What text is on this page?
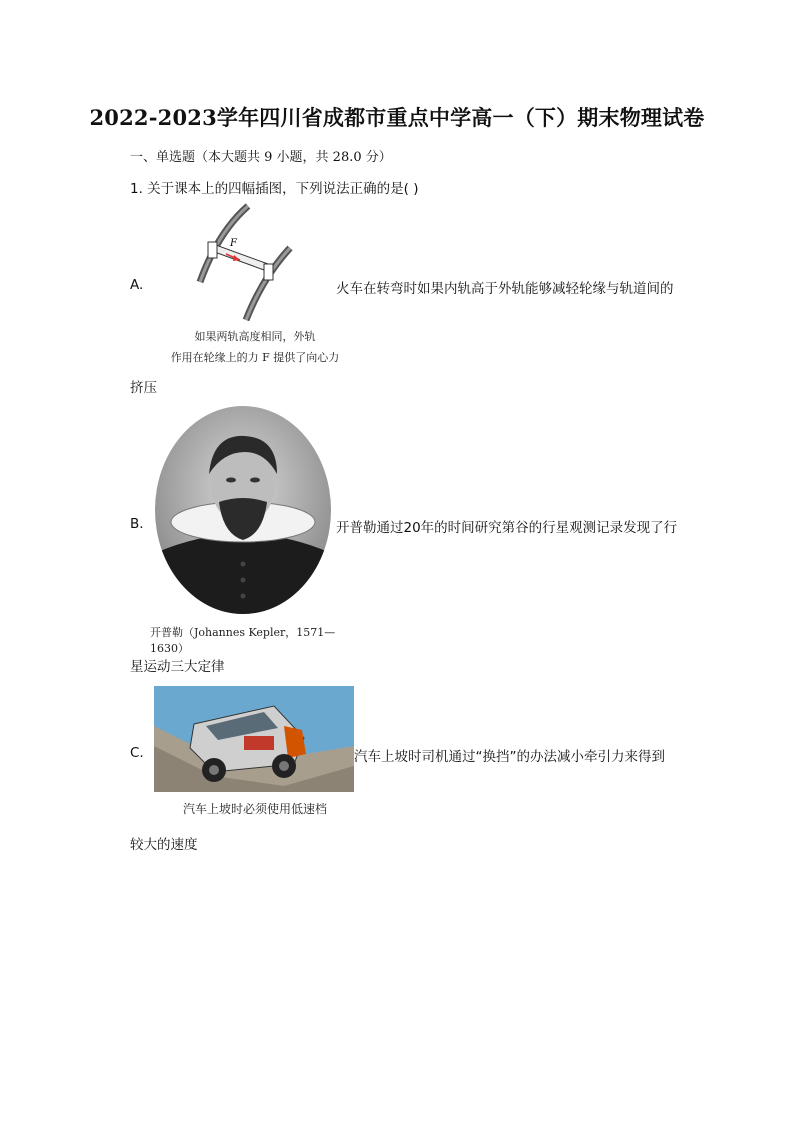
2022-2023学年四川省成都市重点中学高一（下）期末物理试卷
一、单选题（本大题共 9 小题，共 28.0 分）
1. 关于课本上的四幅插图，下列说法正确的是( )
A.
F
如果两轨高度相同，外轨
作用在轮缘上的力 F 提供了向心力
火车在转弯时如果内轨高于外轨能够减轻轮缘与轨道间的
挤压
B.
开普勒（Johannes Kepler，1571—1630）
开普勒通过20年的时间研究第谷的行星观测记录发现了行
星运动三大定律
C.
汽车上坡时必须使用低速档
汽车上坡时司机通过“换挡”的办法减小牵引力来得到
较大的速度
